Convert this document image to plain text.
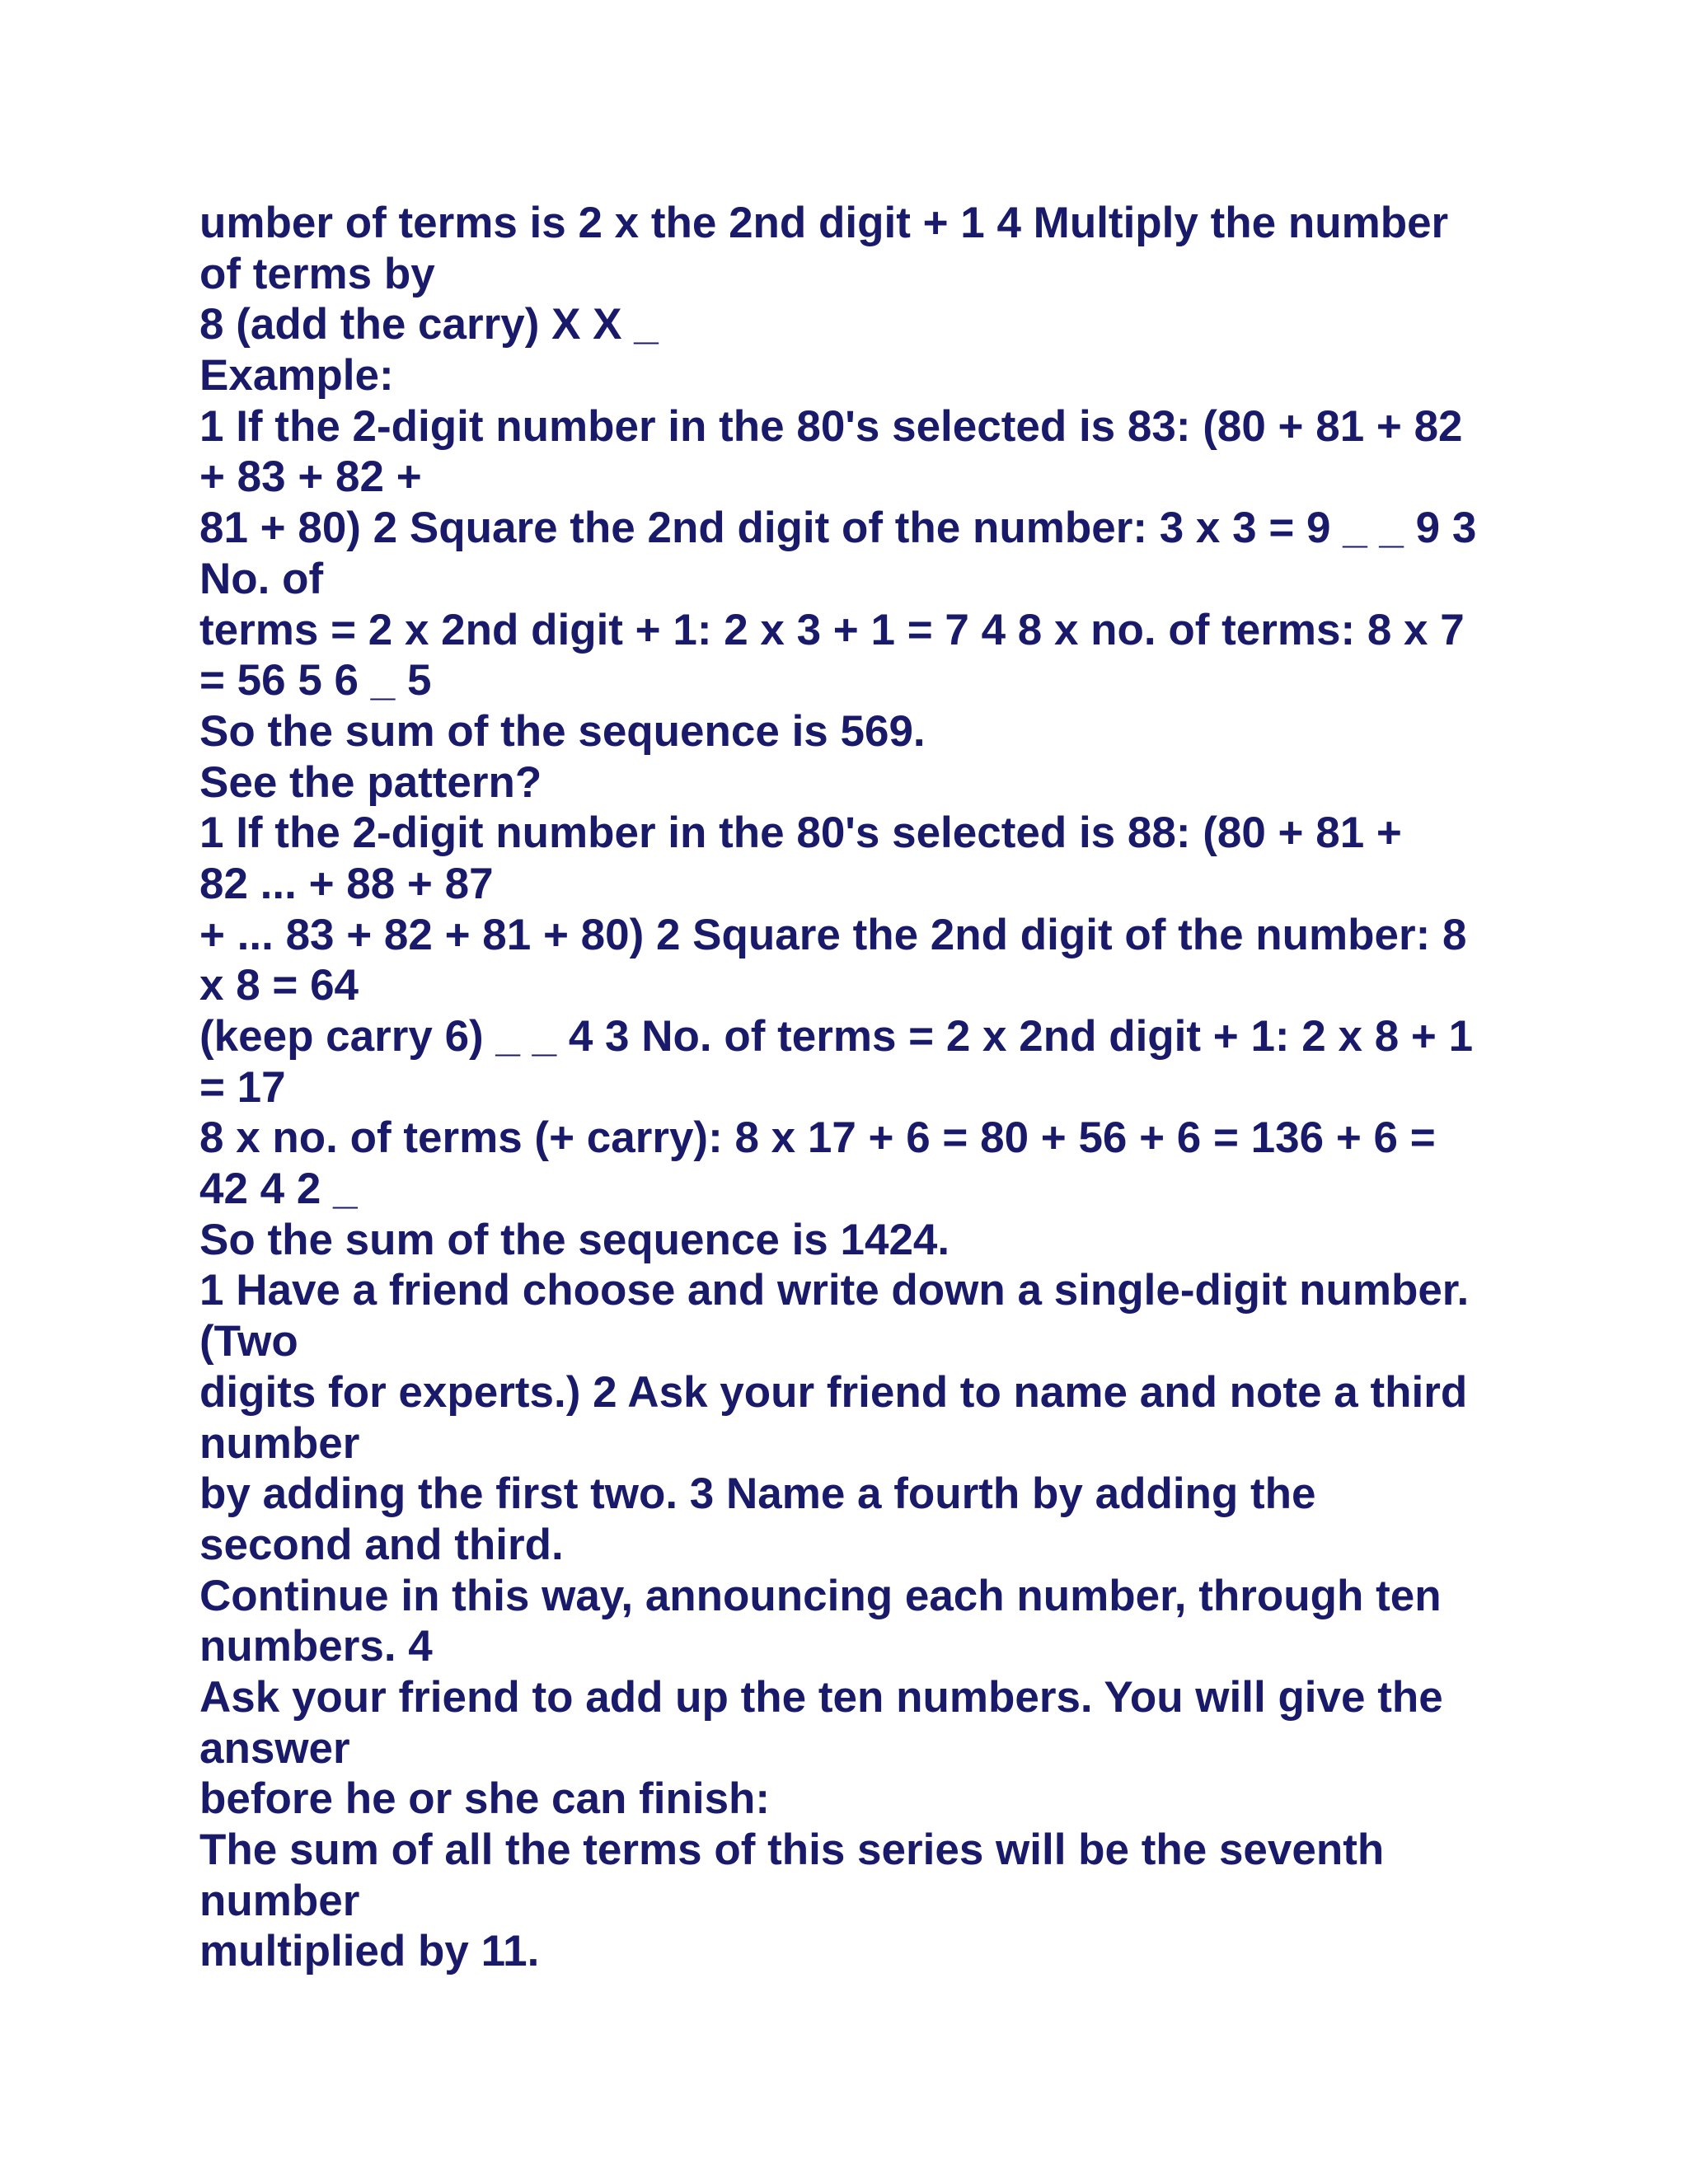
umber of terms is 2 x the 2nd digit + 1 4 Multiply the number

of terms by

8 (add the carry) X X _

Example:

1 If the 2-digit number in the 80's selected is 83: (80 + 81 + 82

+ 83 + 82 +

81 + 80) 2 Square the 2nd digit of the number: 3 x 3 = 9 _ _ 9 3

No. of

terms = 2 x 2nd digit + 1: 2 x 3 + 1 = 7 4 8 x no. of terms: 8 x 7

= 56 5 6 _ 5

So the sum of the sequence is 569.

See the pattern?

1 If the 2-digit number in the 80's selected is 88: (80 + 81 +

82 ... + 88 + 87

+ ... 83 + 82 + 81 + 80) 2 Square the 2nd digit of the number: 8

x 8 = 64

(keep carry 6) _ _ 4 3 No. of terms = 2 x 2nd digit + 1: 2 x 8 + 1

= 17

8 x no. of terms (+ carry): 8 x 17 + 6 = 80 + 56 + 6 = 136 + 6 =

42 4 2 _

So the sum of the sequence is 1424.

1 Have a friend choose and write down a single-digit number.

(Two

digits for experts.) 2 Ask your friend to name and note a third

number

by adding the first two. 3 Name a fourth by adding the

second and third.

Continue in this way, announcing each number, through ten

numbers. 4

Ask your friend to add up the ten numbers. You will give the

answer

before he or she can finish:

The sum of all the terms of this series will be the seventh

number

multiplied by 11.
